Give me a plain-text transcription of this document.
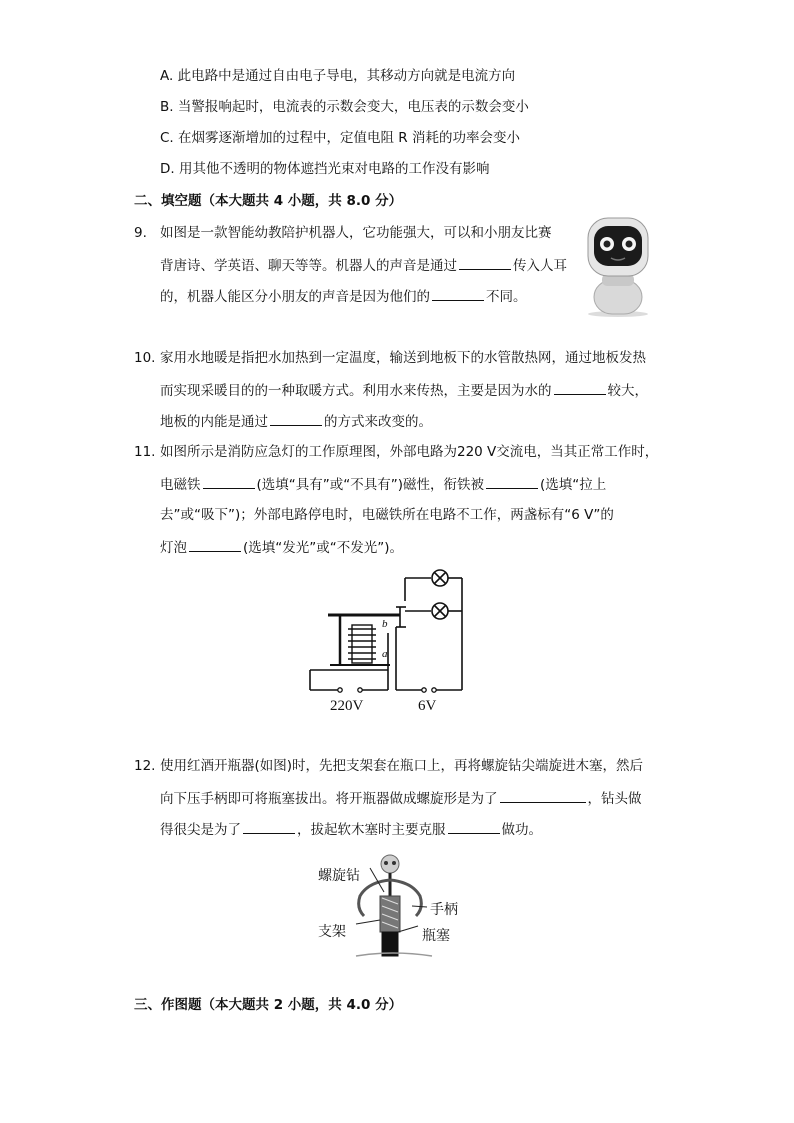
A. 此电路中是通过自由电子导电，其移动方向就是电流方向
B. 当警报响起时，电流表的示数会变大，电压表的示数会变小
C. 在烟雾逐渐增加的过程中，定值电阻 R 消耗的功率会变小
D. 用其他不透明的物体遮挡光束对电路的工作没有影响
二、填空题（本大题共 4 小题，共 8.0 分）
9. 如图是一款智能幼教陪护机器人，它功能强大，可以和小朋友比赛
背唐诗、学英语、聊天等等。机器人的声音是通过	传入人耳
的，机器人能区分小朋友的声音是因为他们的	不同。
10. 家用水地暖是指把水加热到一定温度，输送到地板下的水管散热网，通过地板发热
而实现采暖目的的一种取暖方式。利用水来传热，主要是因为水的	较大，
地板的内能是通过	的方式来改变的。
11. 如图所示是消防应急灯的工作原理图，外部电路为220 V交流电，当其正常工作时，
电磁铁	(选填“具有”或“不具有”)磁性，衔铁被	(选填“拉上
去”或“吸下”)；外部电路停电时，电磁铁所在电路不工作，两盏标有“6 V”的
灯泡	(选填“发光”或“不发光”)。
b
a
220V	6V
12. 使用红酒开瓶器(如图)时，先把支架套在瓶口上，再将螺旋钻尖端旋进木塞，然后
向下压手柄即可将瓶塞拔出。将开瓶器做成螺旋形是为了	，钻头做
得很尖是为了	，拔起软木塞时主要克服	做功。
螺旋钻
手柄
支架	瓶塞
三、作图题（本大题共 2 小题，共 4.0 分）
